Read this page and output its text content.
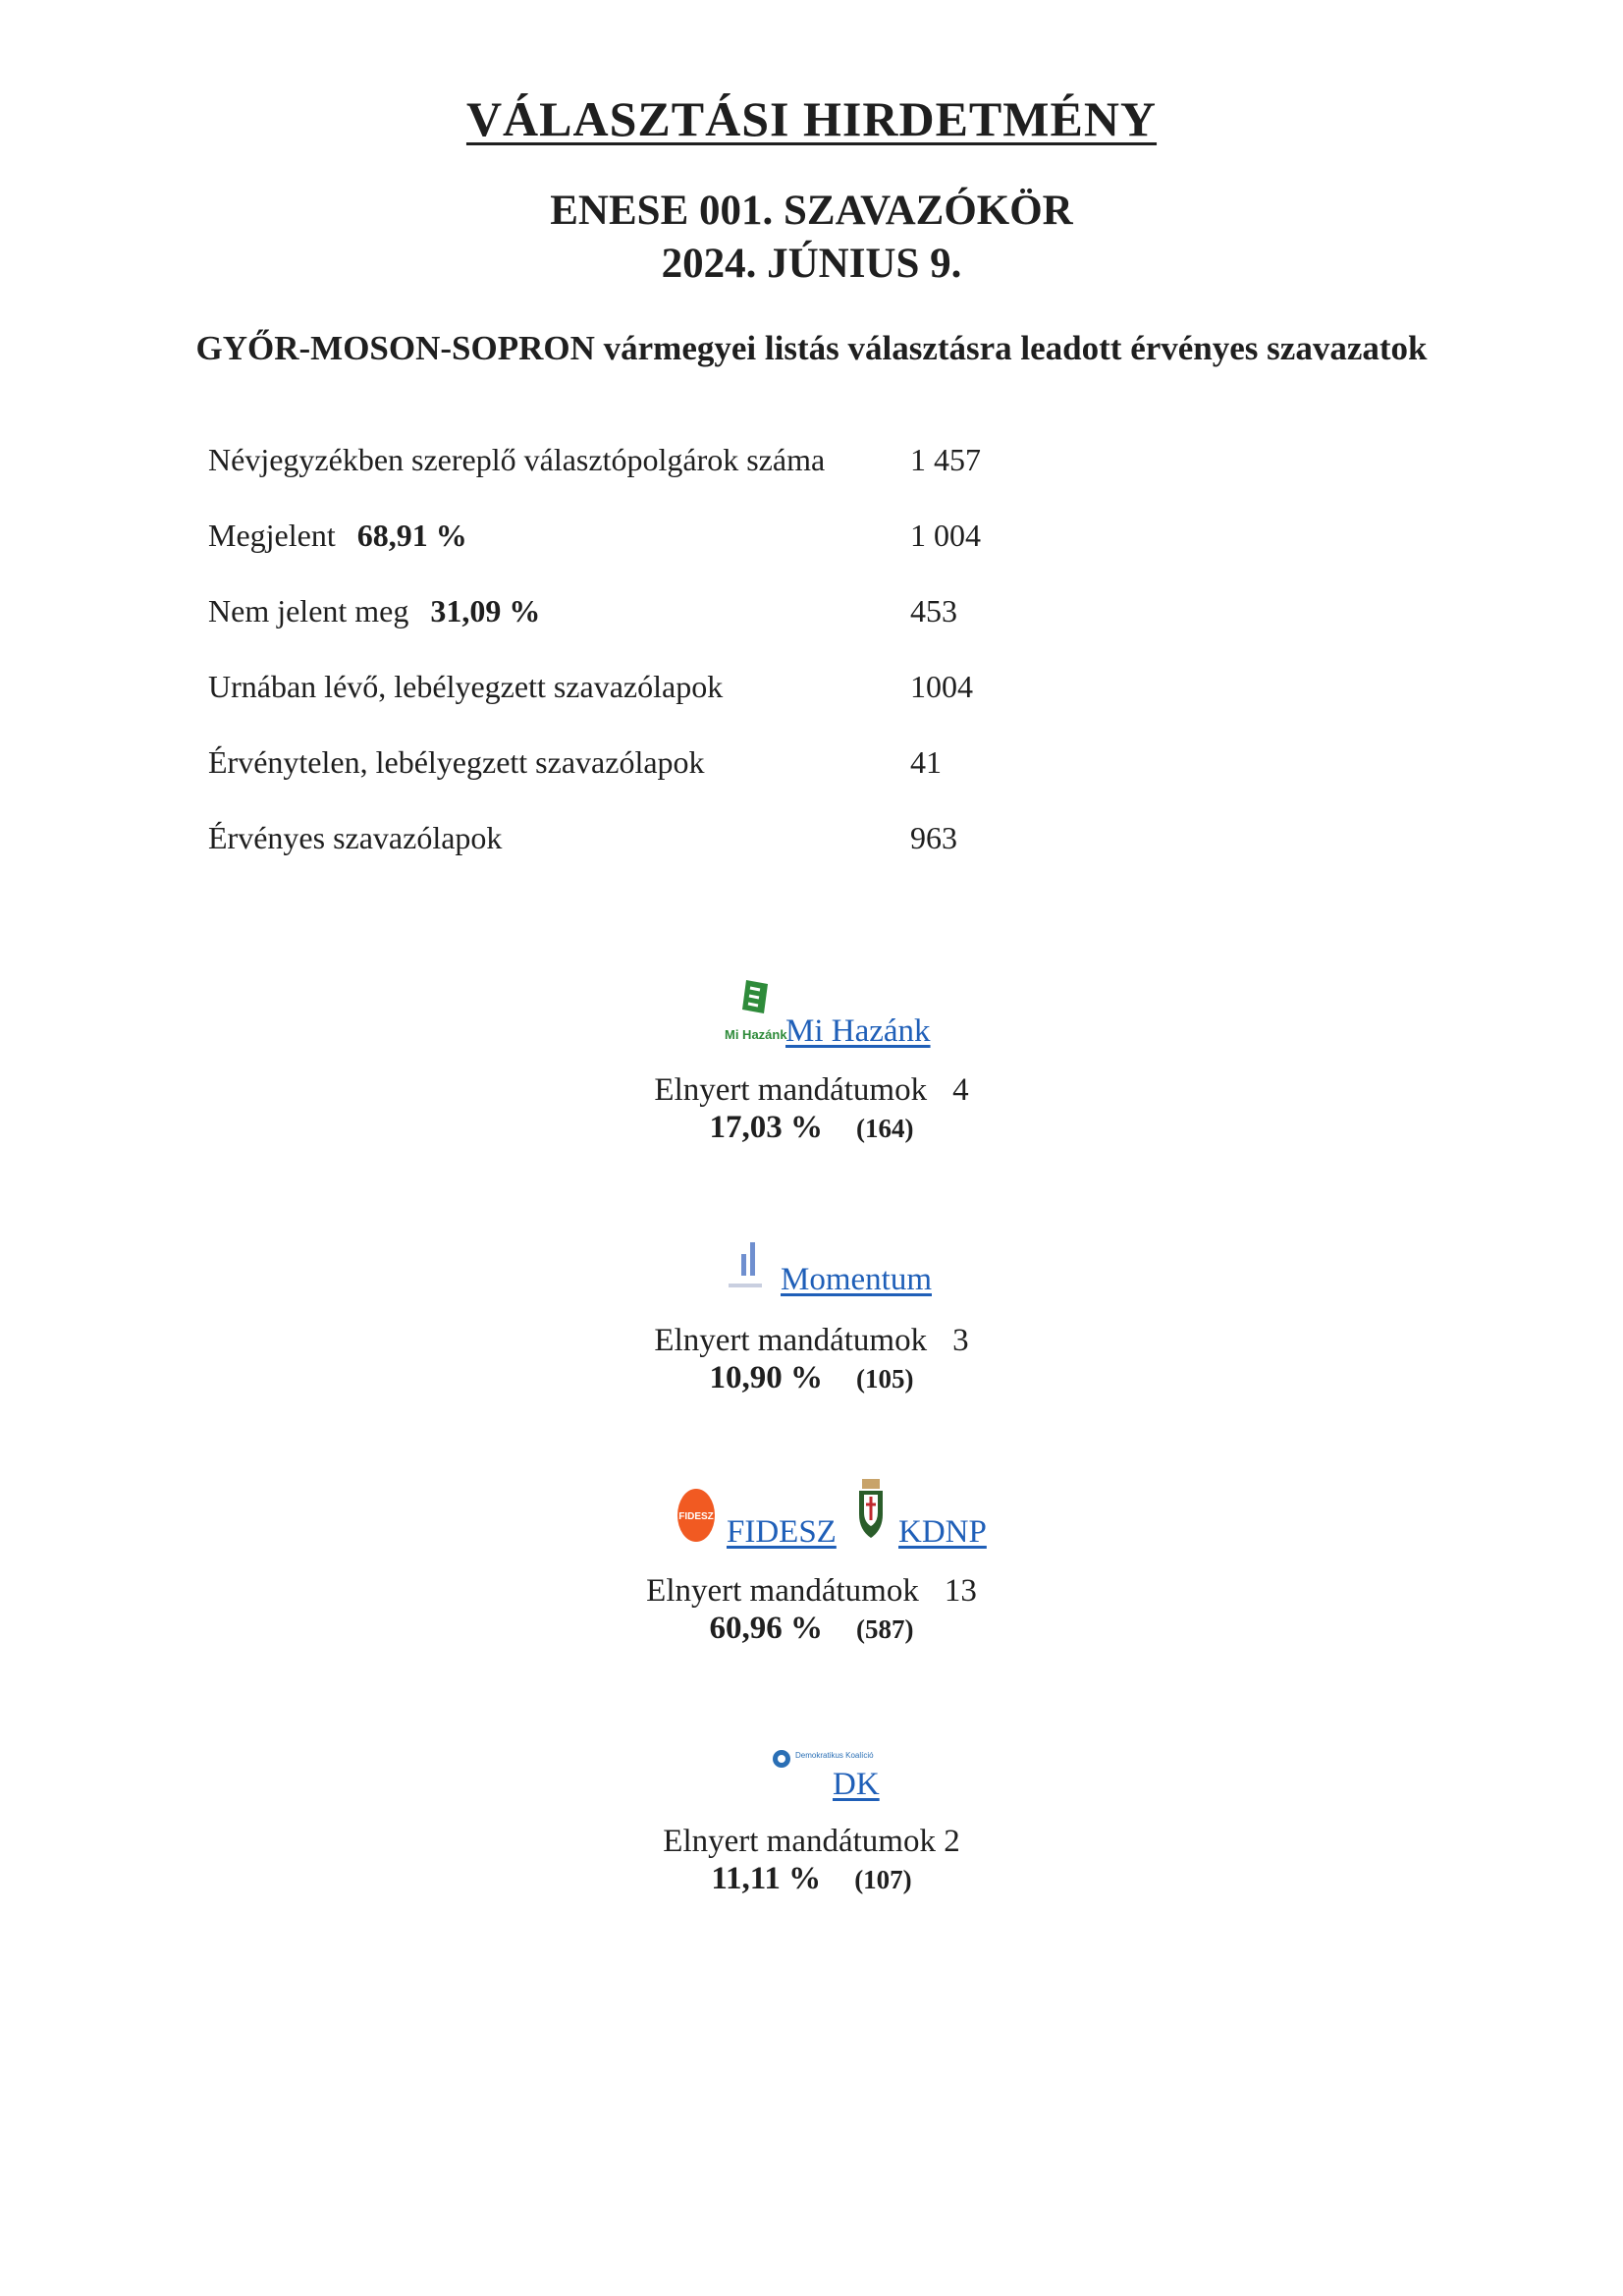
VÁLASZTÁSI HIRDETMÉNY
ENESE 001. SZAVAZÓKÖR
2024. JÚNIUS 9.
GYŐR-MOSON-SOPRON vármegyei listás választásra leadott érvényes szavazatok
Névjegyzékben szereplő választópolgárok száma	1 457
Megjelent 68,91 %	1 004
Nem jelent meg 31,09 %	453
Urnában lévő, lebélyegzett szavazólapok	1004
Érvénytelen, lebélyegzett szavazólapok	41
Érvényes szavazólapok	963
Mi Hazánk
Mi Hazánk
Elnyert mandátumok 4
17,03 % (164)
Momentum
Elnyert mandátumok 3
10,90 % (105)
FIDESZ FIDESZ KDNP
Elnyert mandátumok 13
60,96 % (587)
Demokratikus Koalíció
DK
Elnyert mandátumok 2
11,11 % (107)
